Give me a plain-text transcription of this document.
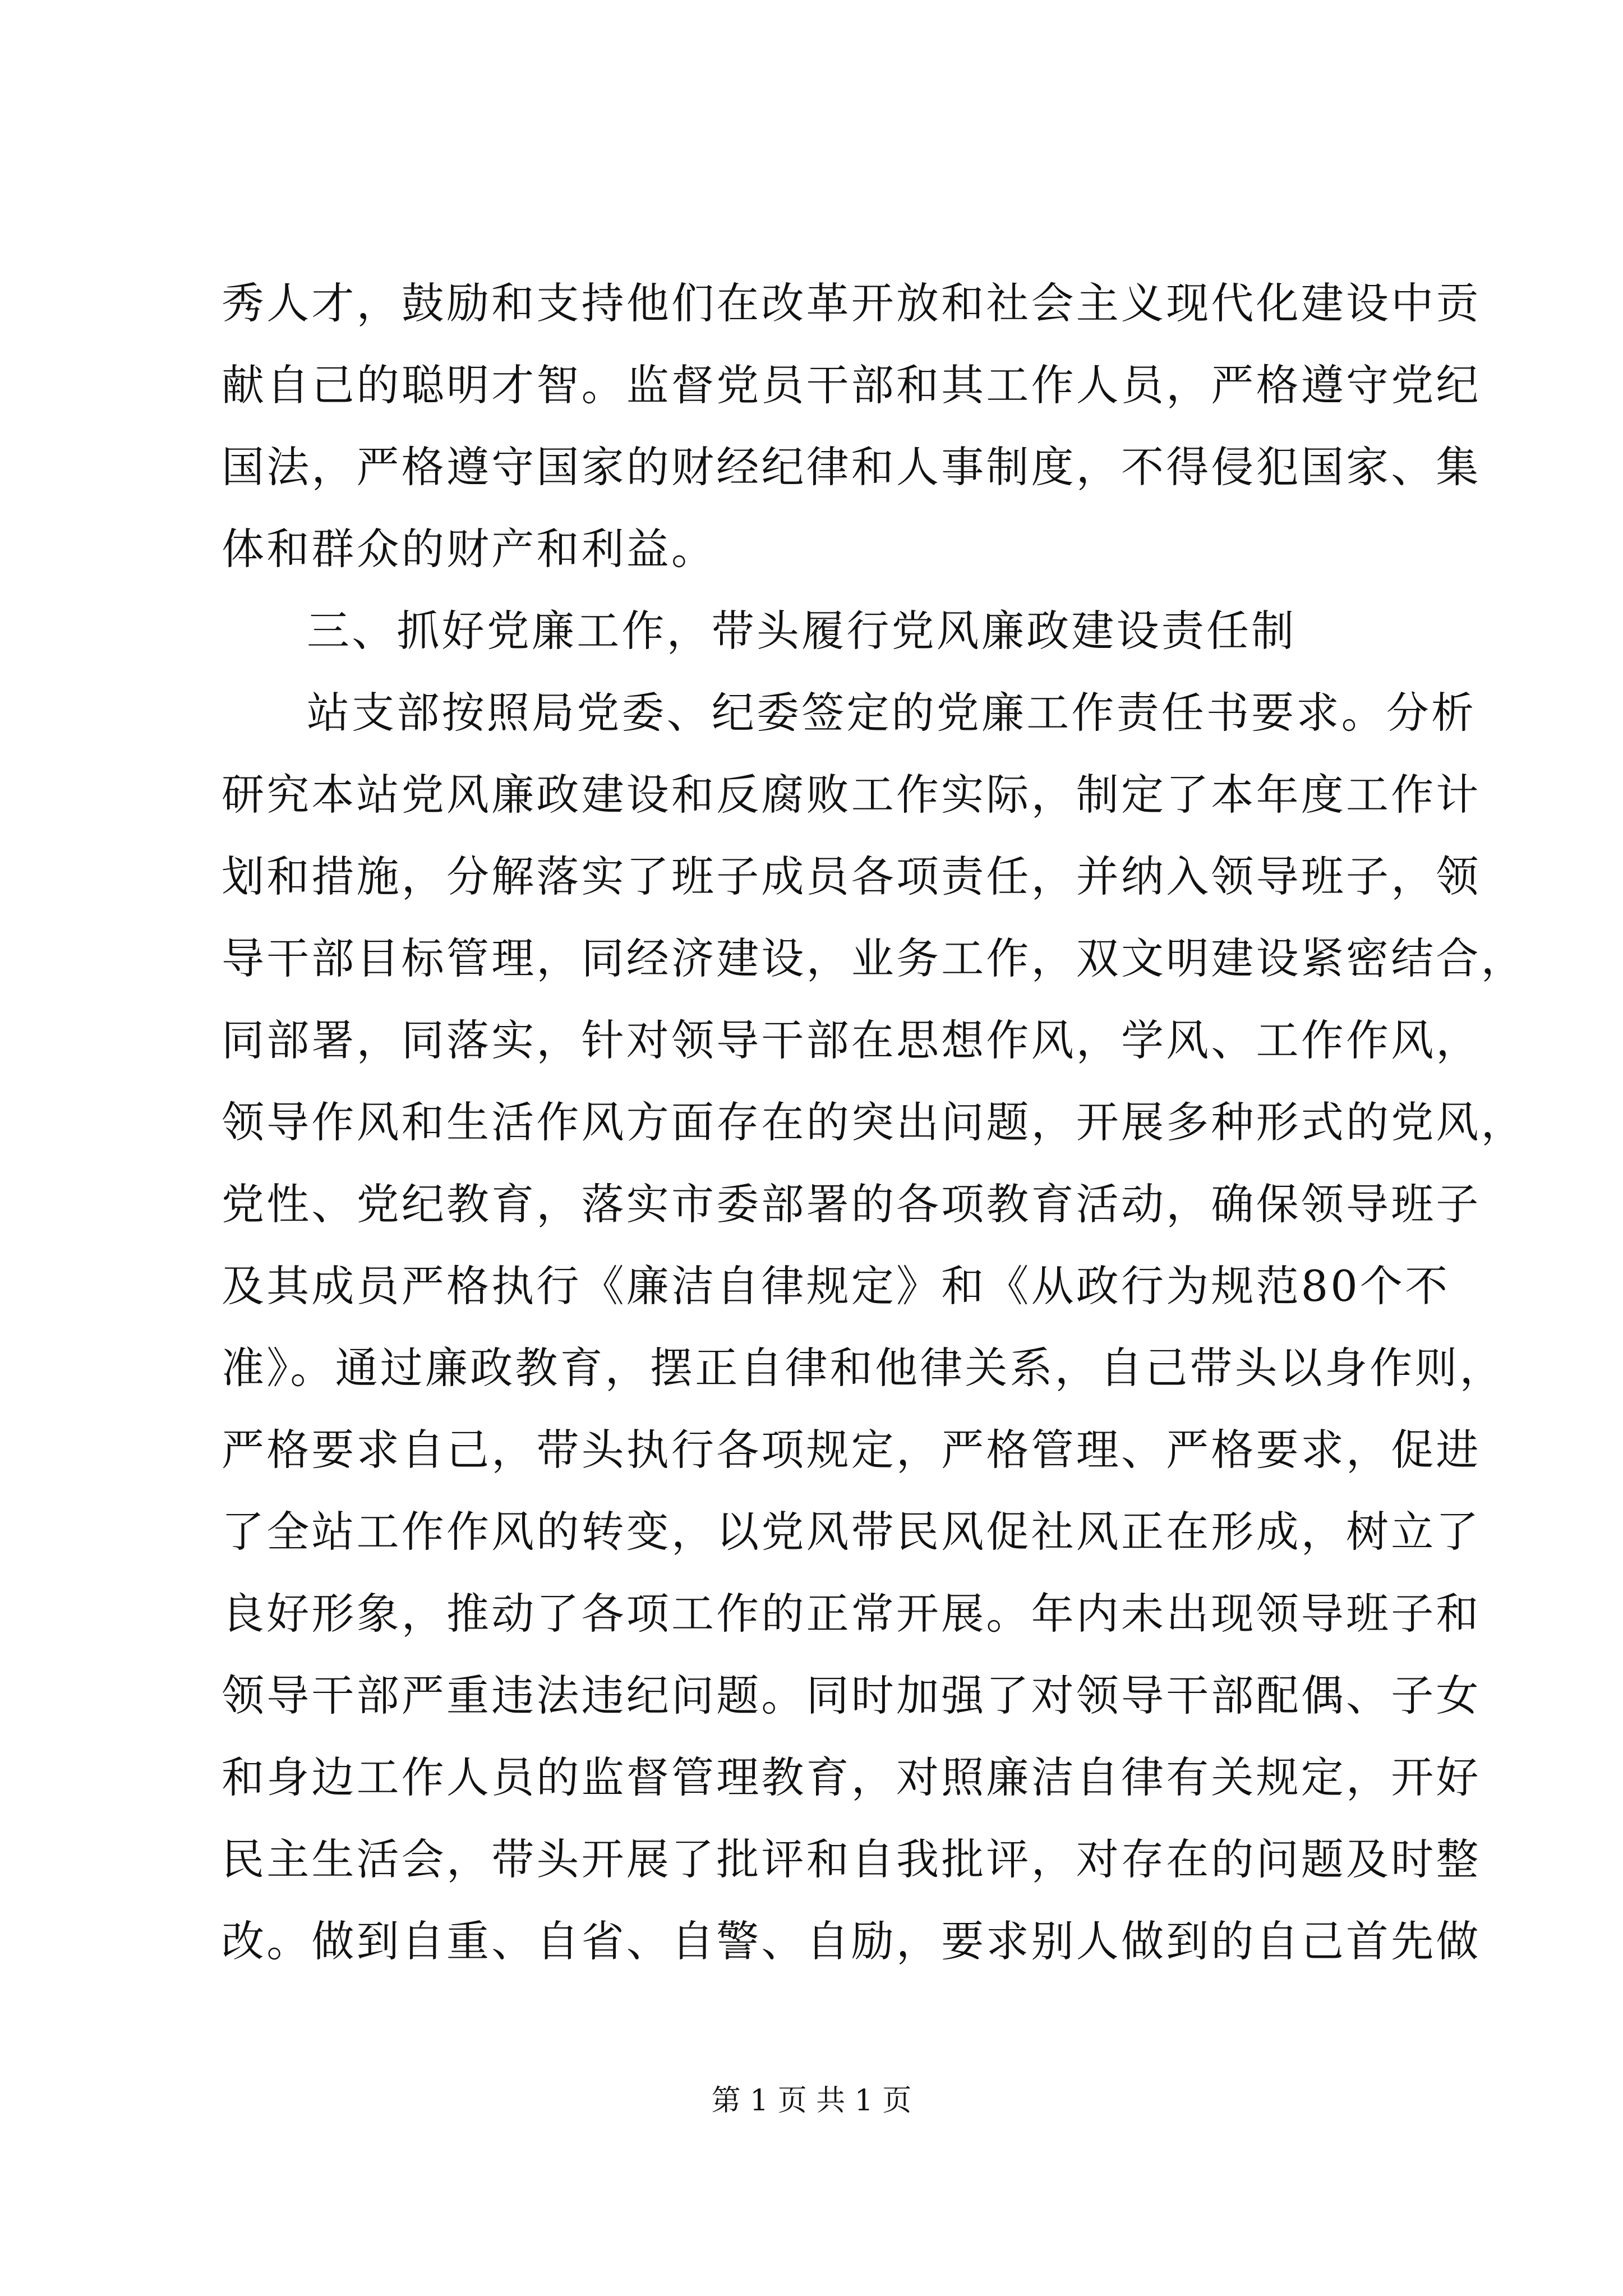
秀人才，鼓励和支持他们在改革开放和社会主义现代化建设中贡
献自己的聪明才智。监督党员干部和其工作人员，严格遵守党纪
国法，严格遵守国家的财经纪律和人事制度，不得侵犯国家、集
体和群众的财产和利益。
三、抓好党廉工作，带头履行党风廉政建设责任制
站支部按照局党委、纪委签定的党廉工作责任书要求。分析
研究本站党风廉政建设和反腐败工作实际，制定了本年度工作计
划和措施，分解落实了班子成员各项责任，并纳入领导班子，领
导干部目标管理，同经济建设，业务工作，双文明建设紧密结合，
同部署，同落实，针对领导干部在思想作风，学风、工作作风，
领导作风和生活作风方面存在的突出问题，开展多种形式的党风，
党性、党纪教育，落实市委部署的各项教育活动，确保领导班子
及其成员严格执行《廉洁自律规定》和《从政行为规范80个不
准》。通过廉政教育，摆正自律和他律关系，自己带头以身作则，
严格要求自己，带头执行各项规定，严格管理、严格要求，促进
了全站工作作风的转变，以党风带民风促社风正在形成，树立了
良好形象，推动了各项工作的正常开展。年内未出现领导班子和
领导干部严重违法违纪问题。同时加强了对领导干部配偶、子女
和身边工作人员的监督管理教育，对照廉洁自律有关规定，开好
民主生活会，带头开展了批评和自我批评，对存在的问题及时整
改。做到自重、自省、自警、自励，要求别人做到的自己首先做
第 1 页 共 1 页
